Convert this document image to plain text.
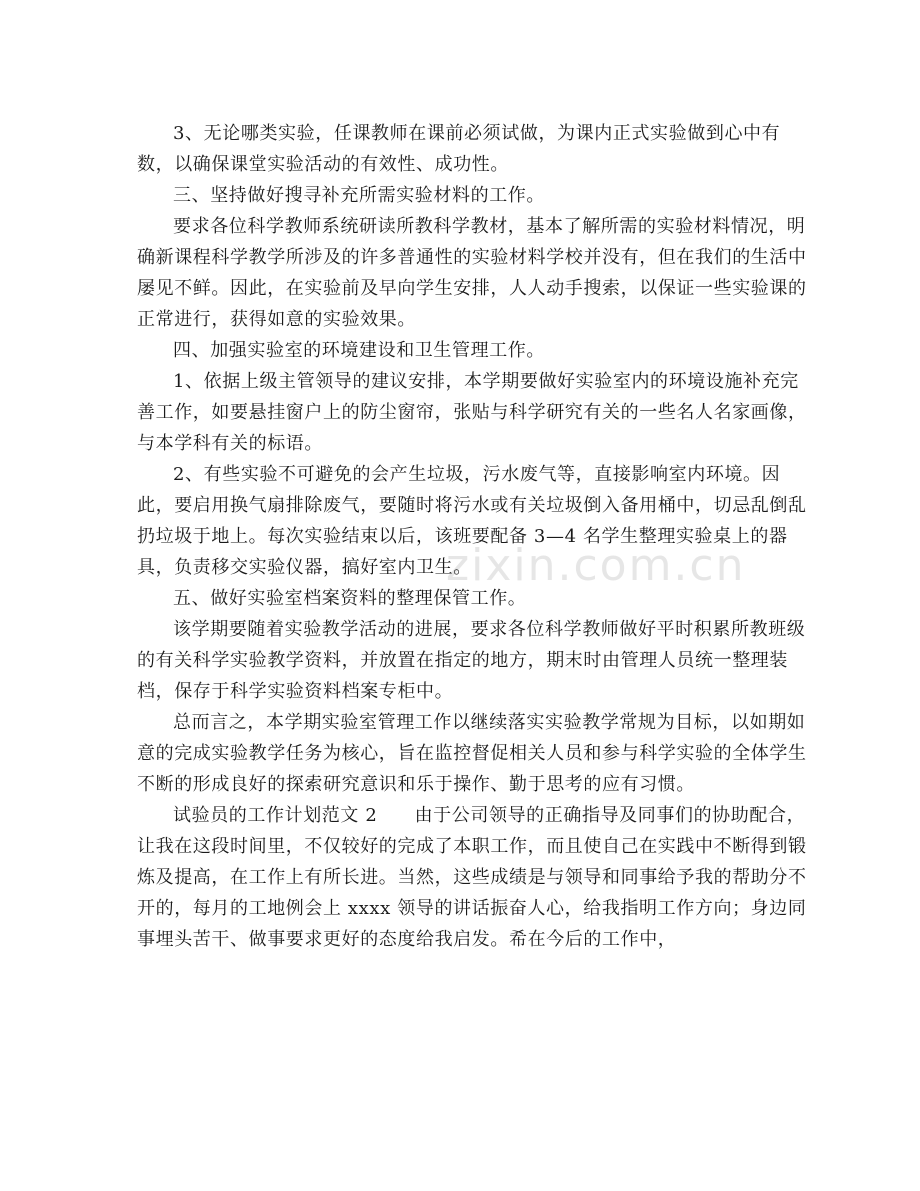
zixin.com.cn
3、无论哪类实验，任课教师在课前必须试做，为课内正式实验做到心中有
数，以确保课堂实验活动的有效性、成功性。
三、坚持做好搜寻补充所需实验材料的工作。
要求各位科学教师系统研读所教科学教材，基本了解所需的实验材料情况，明
确新课程科学教学所涉及的许多普通性的实验材料学校并没有，但在我们的生活中
屡见不鲜。因此，在实验前及早向学生安排，人人动手搜索，以保证一些实验课的
正常进行，获得如意的实验效果。
四、加强实验室的环境建设和卫生管理工作。
1、依据上级主管领导的建议安排，本学期要做好实验室内的环境设施补充完
善工作，如要悬挂窗户上的防尘窗帘，张贴与科学研究有关的一些名人名家画像，
与本学科有关的标语。
2、有些实验不可避免的会产生垃圾，污水废气等，直接影响室内环境。因
此，要启用换气扇排除废气，要随时将污水或有关垃圾倒入备用桶中，切忌乱倒乱
扔垃圾于地上。每次实验结束以后，该班要配备 3—4 名学生整理实验桌上的器
具，负责移交实验仪器，搞好室内卫生。
五、做好实验室档案资料的整理保管工作。
该学期要随着实验教学活动的进展，要求各位科学教师做好平时积累所教班级
的有关科学实验教学资料，并放置在指定的地方，期末时由管理人员统一整理装
档，保存于科学实验资料档案专柜中。
总而言之，本学期实验室管理工作以继续落实实验教学常规为目标，以如期如
意的完成实验教学任务为核心，旨在监控督促相关人员和参与科学实验的全体学生
不断的形成良好的探索研究意识和乐于操作、勤于思考的应有习惯。
试验员的工作计划范文 2　　由于公司领导的正确指导及同事们的协助配合，
让我在这段时间里，不仅较好的完成了本职工作，而且使自己在实践中不断得到锻
炼及提高，在工作上有所长进。当然，这些成绩是与领导和同事给予我的帮助分不
开的，每月的工地例会上 xxxx 领导的讲话振奋人心，给我指明工作方向；身边同
事埋头苦干、做事要求更好的态度给我启发。希在今后的工作中，
